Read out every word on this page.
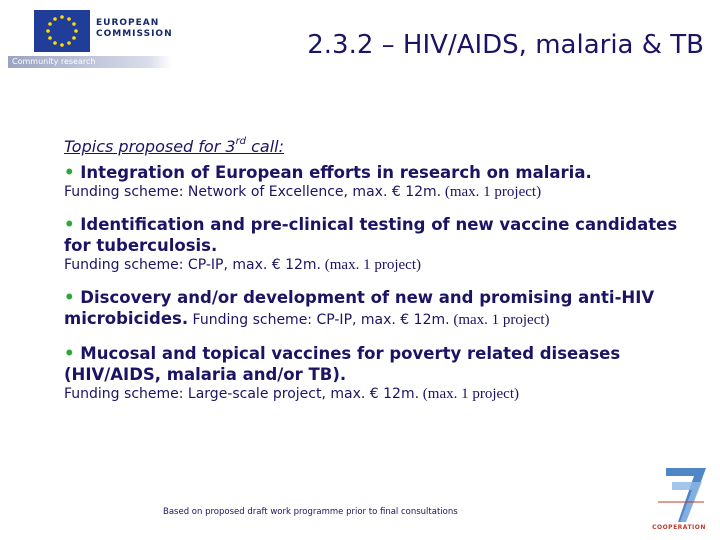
EUROPEAN
COMMISSION
Community research
2.3.2 – HIV/AIDS, malaria & TB
Topics proposed for 3rd call:
• Integration of European efforts in research on malaria.
Funding scheme: Network of Excellence, max. € 12m. (max. 1 project)
• Identification and pre-clinical testing of new vaccine candidates for tuberculosis.
Funding scheme: CP-IP, max. € 12m. (max. 1 project)
• Discovery and/or development of new and promising anti-HIV microbicides. Funding scheme: CP-IP, max. € 12m. (max. 1 project)
• Mucosal and topical vaccines for poverty related diseases (HIV/AIDS, malaria and/or TB).
Funding scheme: Large-scale project, max. € 12m. (max. 1 project)
Based on proposed draft work programme prior to final consultations
COOPERATION
